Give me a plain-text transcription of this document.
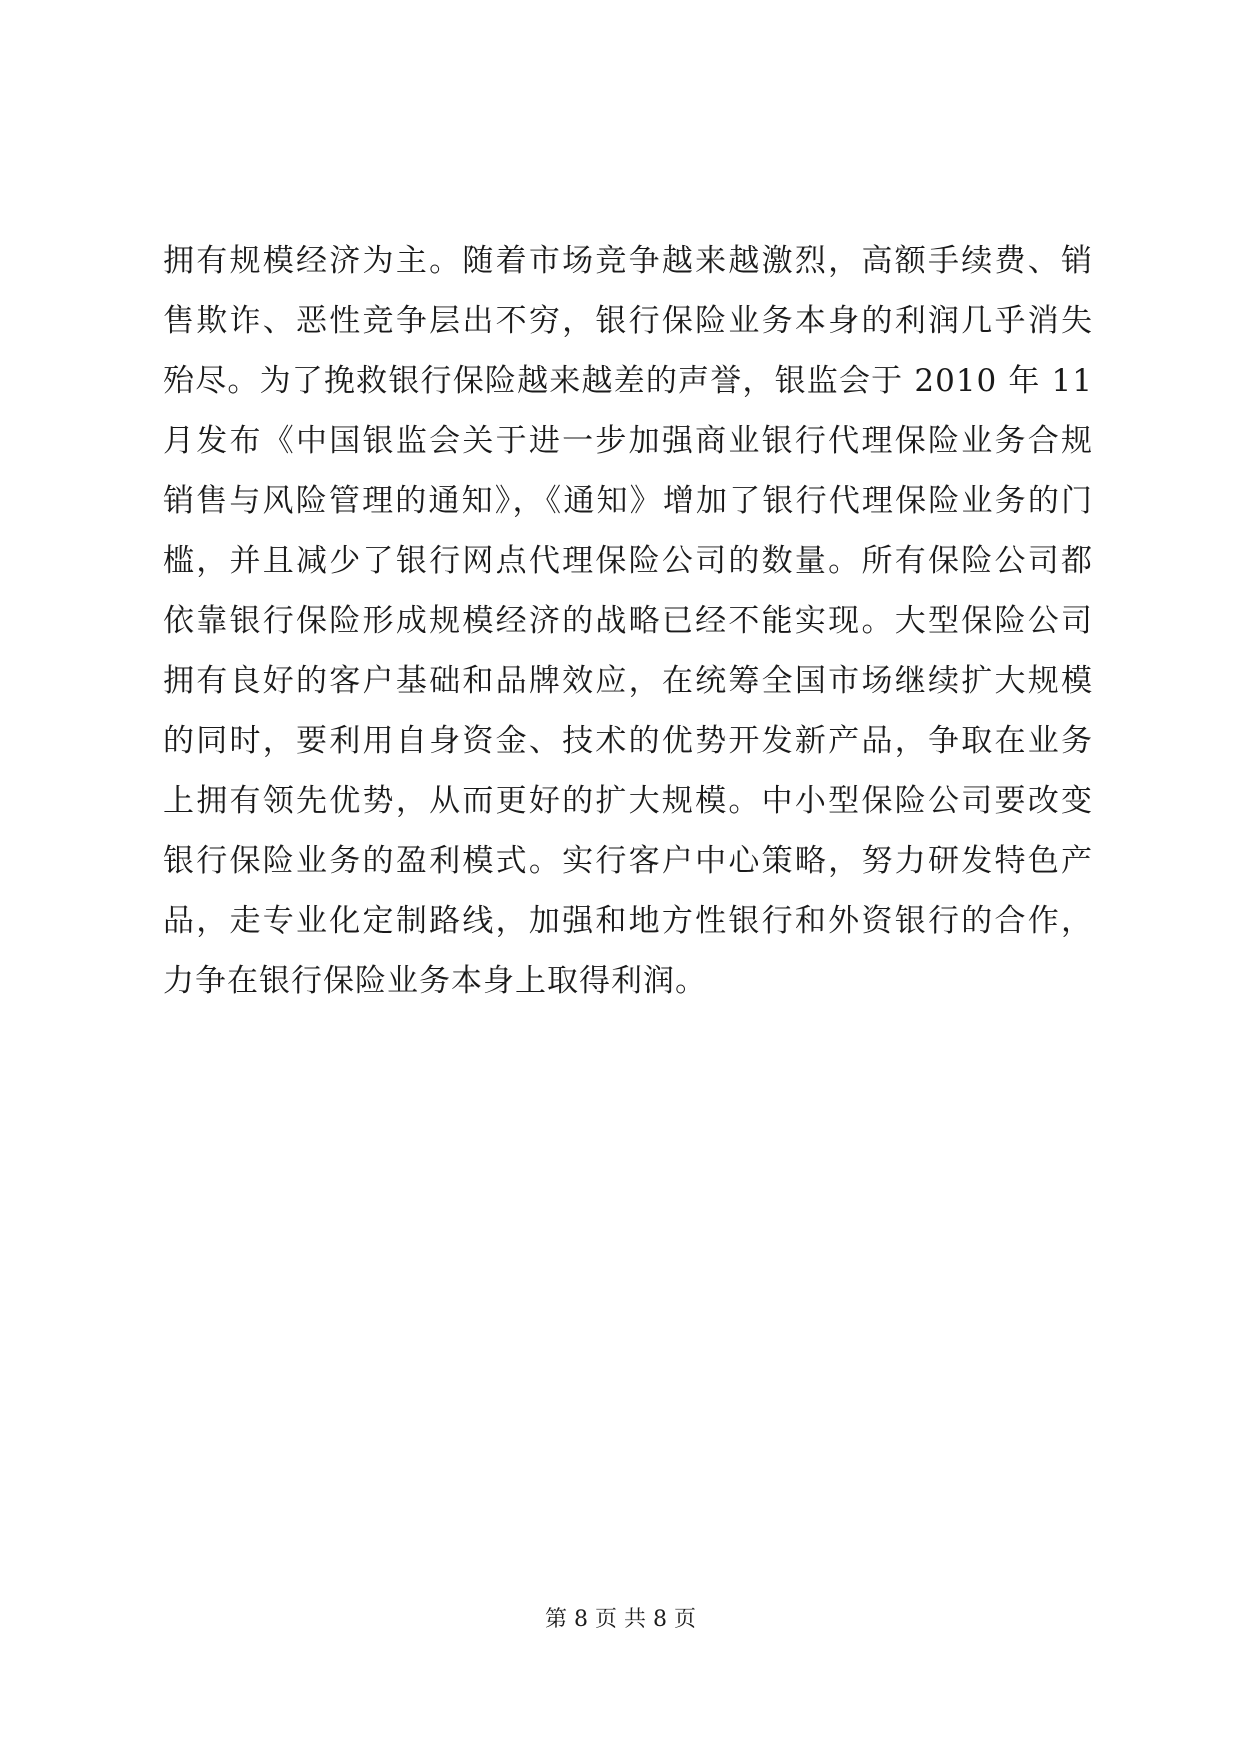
拥有规模经济为主。随着市场竞争越来越激烈，高额手续费、销
售欺诈、恶性竞争层出不穷，银行保险业务本身的利润几乎消失
殆尽。为了挽救银行保险越来越差的声誉，银监会于 2010 年 11
月发布《中国银监会关于进一步加强商业银行代理保险业务合规
销售与风险管理的通知》，《通知》增加了银行代理保险业务的门
槛，并且减少了银行网点代理保险公司的数量。所有保险公司都
依靠银行保险形成规模经济的战略已经不能实现。大型保险公司
拥有良好的客户基础和品牌效应，在统筹全国市场继续扩大规模
的同时，要利用自身资金、技术的优势开发新产品，争取在业务
上拥有领先优势，从而更好的扩大规模。中小型保险公司要改变
银行保险业务的盈利模式。实行客户中心策略，努力研发特色产
品，走专业化定制路线，加强和地方性银行和外资银行的合作，
力争在银行保险业务本身上取得利润。
第 8 页 共 8 页
